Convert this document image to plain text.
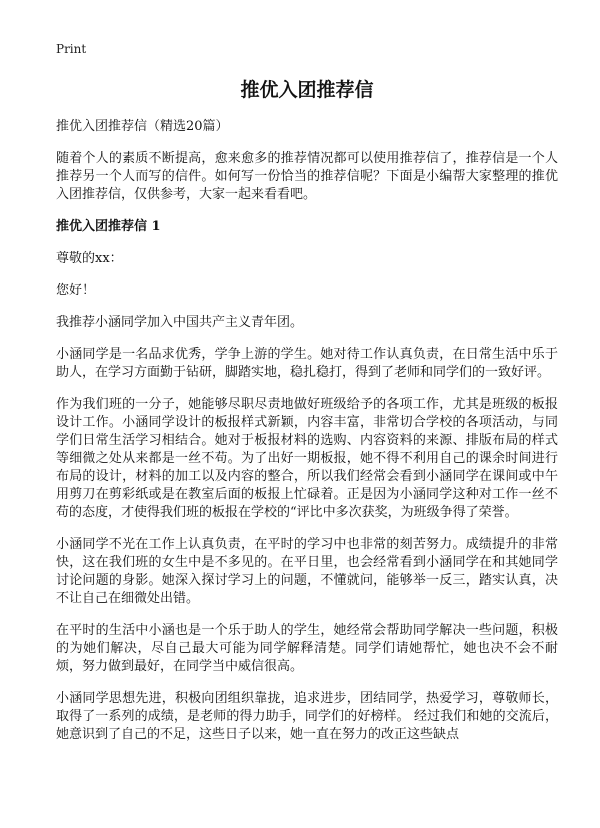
Print
推优入团推荐信
推优入团推荐信（精选20篇）
随着个人的素质不断提高，愈来愈多的推荐情况都可以使用推荐信了，推荐信是一个人推荐另一个人而写的信件。如何写一份恰当的推荐信呢？下面是小编帮大家整理的推优入团推荐信，仅供参考，大家一起来看看吧。
推优入团推荐信 1
尊敬的xx：
您好！
我推荐小涵同学加入中国共产主义青年团。
小涵同学是一名品求优秀，学争上游的学生。她对待工作认真负责，在日常生活中乐于助人，在学习方面勤于钻研，脚踏实地，稳扎稳打，得到了老师和同学们的一致好评。
作为我们班的一分子，她能够尽职尽责地做好班级给予的各项工作，尤其是班级的板报设计工作。小涵同学设计的板报样式新颖，内容丰富，非常切合学校的各项活动，与同学们日常生活学习相结合。她对于板报材料的选购、内容资料的来源、排版布局的样式等细微之处从来都是一丝不苟。为了出好一期板报，她不得不利用自己的课余时间进行布局的设计，材料的加工以及内容的整合，所以我们经常会看到小涵同学在课间或中午用剪刀在剪彩纸或是在教室后面的板报上忙碌着。正是因为小涵同学这种对工作一丝不苟的态度，才使得我们班的板报在学校的“评比中多次获奖，为班级争得了荣誉。
小涵同学不光在工作上认真负责，在平时的学习中也非常的刻苦努力。成绩提升的非常快，这在我们班的女生中是不多见的。在平日里，也会经常看到小涵同学在和其她同学讨论问题的身影。她深入探讨学习上的问题，不懂就问，能够举一反三，踏实认真，决不让自己在细微处出错。
在平时的生活中小涵也是一个乐于助人的学生，她经常会帮助同学解决一些问题，积极的为她们解决，尽自己最大可能为同学解释清楚。同学们请她帮忙，她也决不会不耐烦，努力做到最好，在同学当中威信很高。
小涵同学思想先进，积极向团组织靠拢，追求进步，团结同学，热爱学习，尊敬师长，取得了一系列的成绩，是老师的得力助手，同学们的好榜样。 经过我们和她的交流后，她意识到了自己的不足，这些日子以来，她一直在努力的改正这些缺点
